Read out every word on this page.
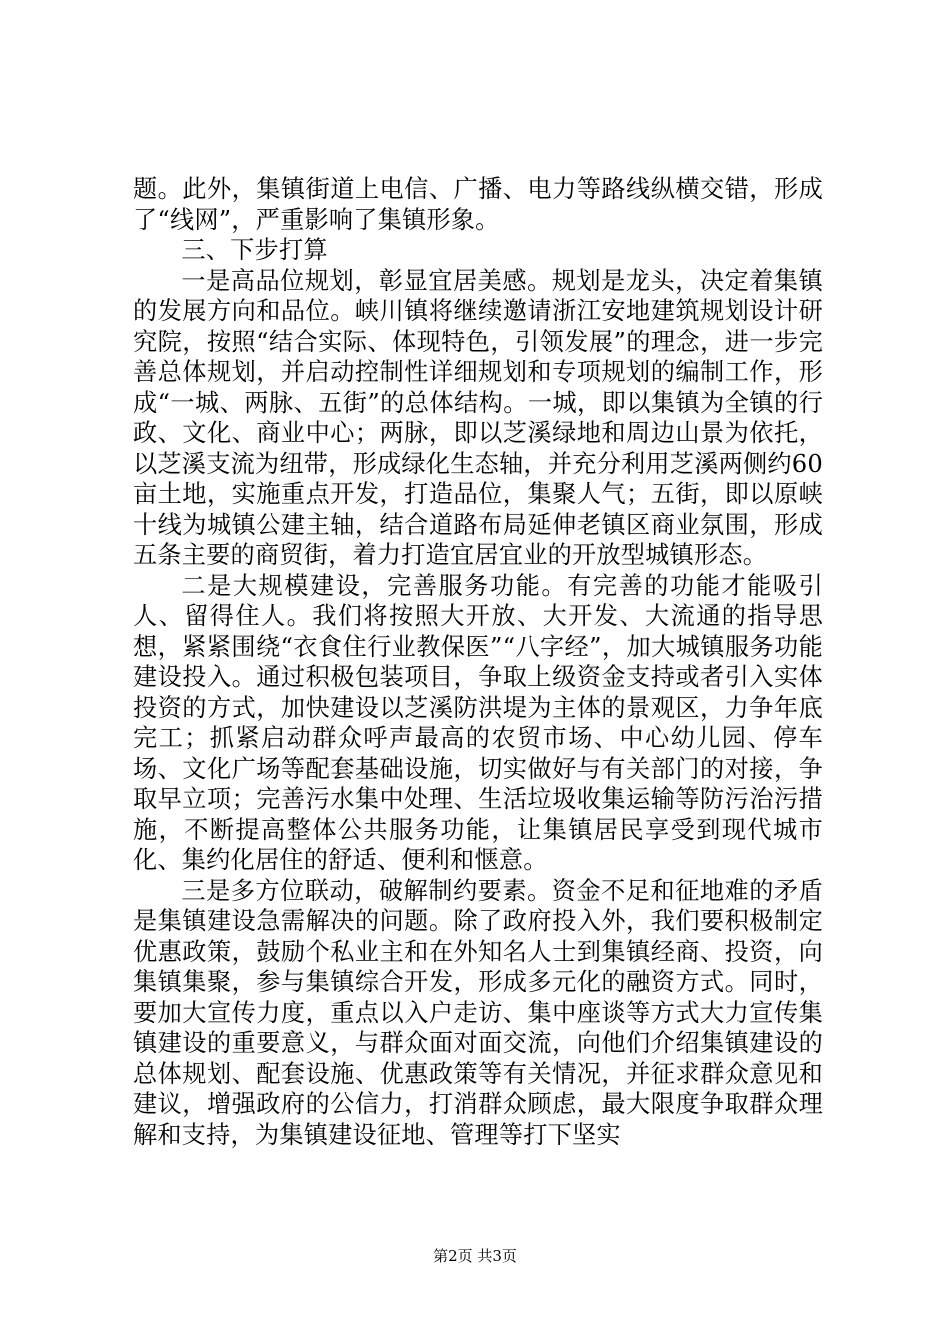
题。此外，集镇街道上电信、广播、电力等路线纵横交错，形成了“线网”，严重影响了集镇形象。

三、下步打算

一是高品位规划，彰显宜居美感。规划是龙头，决定着集镇的发展方向和品位。峡川镇将继续邀请浙江安地建筑规划设计研究院，按照“结合实际、体现特色，引领发展”的理念，进一步完善总体规划，并启动控制性详细规划和专项规划的编制工作，形成“一城、两脉、五街”的总体结构。一城，即以集镇为全镇的行政、文化、商业中心；两脉，即以芝溪绿地和周边山景为依托，以芝溪支流为纽带，形成绿化生态轴，并充分利用芝溪两侧约60亩土地，实施重点开发，打造品位，集聚人气；五街，即以原峡十线为城镇公建主轴，结合道路布局延伸老镇区商业氛围，形成五条主要的商贸街，着力打造宜居宜业的开放型城镇形态。

二是大规模建设，完善服务功能。有完善的功能才能吸引人、留得住人。我们将按照大开放、大开发、大流通的指导思想，紧紧围绕“衣食住行业教保医”“八字经”，加大城镇服务功能建设投入。通过积极包装项目，争取上级资金支持或者引入实体投资的方式，加快建设以芝溪防洪堤为主体的景观区，力争年底完工；抓紧启动群众呼声最高的农贸市场、中心幼儿园、停车场、文化广场等配套基础设施，切实做好与有关部门的对接，争取早立项；完善污水集中处理、生活垃圾收集运输等防污治污措施，不断提高整体公共服务功能，让集镇居民享受到现代城市化、集约化居住的舒适、便利和惬意。

三是多方位联动，破解制约要素。资金不足和征地难的矛盾是集镇建设急需解决的问题。除了政府投入外，我们要积极制定优惠政策，鼓励个私业主和在外知名人士到集镇经商、投资，向集镇集聚，参与集镇综合开发，形成多元化的融资方式。同时，要加大宣传力度，重点以入户走访、集中座谈等方式大力宣传集镇建设的重要意义，与群众面对面交流，向他们介绍集镇建设的总体规划、配套设施、优惠政策等有关情况，并征求群众意见和建议，增强政府的公信力，打消群众顾虑，最大限度争取群众理解和支持，为集镇建设征地、管理等打下坚实

第2页 共3页
